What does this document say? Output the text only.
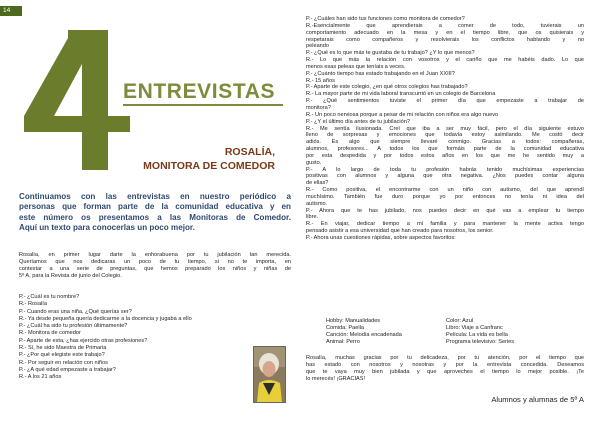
14
ENTREVISTAS
ROSALÍA,
MONITORA DE COMEDOR
Continuamos con las entrevistas en nuestro periódico a
personas que forman parte de la comunidad educativa y en
este número os presentamos a las Monitoras de Comedor.
Aquí un texto para conocerlas un poco mejor.
Rosalía, en primer lugar darte la enhorabuena por tu jubilación tan merecida.
Queríamos que nos dedicaras un poco de tu tiempo, si no te importa, en
contestar a una serie de preguntas, que hemos preparado los niños y niñas de
5º A, para la Revista de junio del Colegio.
P.- ¿Cuál es tu nombre?
R.- Rosalía
P.- Cuando eras una niña, ¿Qué querías ser?
R.- Ya desde pequeña quería dedicarme a la docencia y jugaba a ello
P.- ¿Cuál ha sido tu profesión últimamente?
R.- Monitora de comedor
P.- Aparte de esta, ¿has ejercido otras profesiones?
R.- Sí, he sido Maestra de Primaria
P.- ¿Por qué elegiste este trabajo?
R.- Por seguir en relación con niños
P.- ¿A qué edad empezaste a trabajar?
R.- A los 21 años
P.- ¿Cuáles han sido tus funciones como monitora de comedor?
R.-Esencialmente que aprendierais a comer de todo, tuvierais un
comportamiento adecuado en la mesa y en el tiempo libre, que os quisierais y
respetarais como compañeros y resolvierais los conflictos hablando y no
peleando
P.- ¿Qué es lo que más te gustaba de tu trabajo? ¿Y lo que menos?
R.- Lo que más la relación con vosotros y el cariño que me habéis dado. Lo que
menos esas peleas que teníais a veces.
P.- ¿Cuánto tiempo has estado trabajando en el Juan XXIII?
R.- 15 años
P.- Aparte de este colegio, ¿en qué otros colegios has trabajado?
R.- La mayor parte de mi vida laboral transcurrió en un colegio de Barcelona
P.- ¿Qué sentimientos tuviste el primer día que empezaste a trabajar de
monitora?
R.- Un poco nerviosa porque a pesar de mi relación con niños era algo nuevo
P.- ¿Y el último día antes de tu jubilación?
R.- Me sentía ilusionada. Creí que iba a ser muy fácil, pero el día siguiente estuvo
lleno de sorpresas y emociones que todavía estoy asimilando. Me costó decir
adiós. Es algo que siempre llevaré conmigo. Gracias a todos: compañeras,
alumnos, profesores... A todos los que formáis parte de la comunidad educativa
por esta despedida y por todos estos años en los que me he sentido muy a
gusto.
P.- A lo largo de toda tu profesión habrás tenido muchísimas experiencias
positivas con alumnos y alguna que otra negativa. ¿Nos puedes contar alguna
de ellas?
R.- Como positiva, el encontrarme con un niño con autismo, del que aprendí
muchísimo. También fue duro porque yo por entonces no tenía ni idea del
autismo.
P.- Ahora que te has jubilado, nos puedes decir en qué vas a emplear tu tiempo
libre.
R.- En viajar, dedicar tiempo a mi familia y para mantener la mente activa tengo
pensado asistir a esa universidad que han creado para nosotros, los senior.
P.- Ahora unas cuestiones rápidas, sobre aspectos favoritos:
Hobby: Manualidades	Color: Azul
Comida: Paella	Libro: Viaje a Canfranc
Canción: Melodía encadenada	Película: La vida es bella
Animal: Perro	Programa televisivo: Series
Rosalía, muchas gracias por tu delicadeza, por tu atención, por el tiempo que
has estado con nosotros y nosotras y por la entrevista concedida. Deseamos
que te vaya muy bien jubilada y que aproveches el tiempo lo mejor posible. ¡Te
lo merecés! ¡GRACIAS!
Alumnos y alumnas de 5º A
